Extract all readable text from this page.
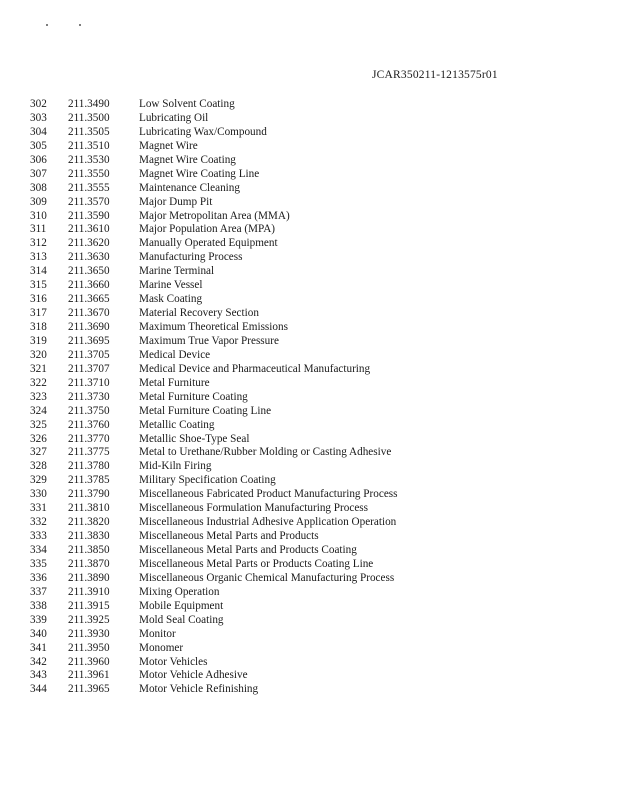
JCAR350211-1213575r01
302	211.3490	Low Solvent Coating
303	211.3500	Lubricating Oil
304	211.3505	Lubricating Wax/Compound
305	211.3510	Magnet Wire
306	211.3530	Magnet Wire Coating
307	211.3550	Magnet Wire Coating Line
308	211.3555	Maintenance Cleaning
309	211.3570	Major Dump Pit
310	211.3590	Major Metropolitan Area (MMA)
311	211.3610	Major Population Area (MPA)
312	211.3620	Manually Operated Equipment
313	211.3630	Manufacturing Process
314	211.3650	Marine Terminal
315	211.3660	Marine Vessel
316	211.3665	Mask Coating
317	211.3670	Material Recovery Section
318	211.3690	Maximum Theoretical Emissions
319	211.3695	Maximum True Vapor Pressure
320	211.3705	Medical Device
321	211.3707	Medical Device and Pharmaceutical Manufacturing
322	211.3710	Metal Furniture
323	211.3730	Metal Furniture Coating
324	211.3750	Metal Furniture Coating Line
325	211.3760	Metallic Coating
326	211.3770	Metallic Shoe-Type Seal
327	211.3775	Metal to Urethane/Rubber Molding or Casting Adhesive
328	211.3780	Mid-Kiln Firing
329	211.3785	Military Specification Coating
330	211.3790	Miscellaneous Fabricated Product Manufacturing Process
331	211.3810	Miscellaneous Formulation Manufacturing Process
332	211.3820	Miscellaneous Industrial Adhesive Application Operation
333	211.3830	Miscellaneous Metal Parts and Products
334	211.3850	Miscellaneous Metal Parts and Products Coating
335	211.3870	Miscellaneous Metal Parts or Products Coating Line
336	211.3890	Miscellaneous Organic Chemical Manufacturing Process
337	211.3910	Mixing Operation
338	211.3915	Mobile Equipment
339	211.3925	Mold Seal Coating
340	211.3930	Monitor
341	211.3950	Monomer
342	211.3960	Motor Vehicles
343	211.3961	Motor Vehicle Adhesive
344	211.3965	Motor Vehicle Refinishing
